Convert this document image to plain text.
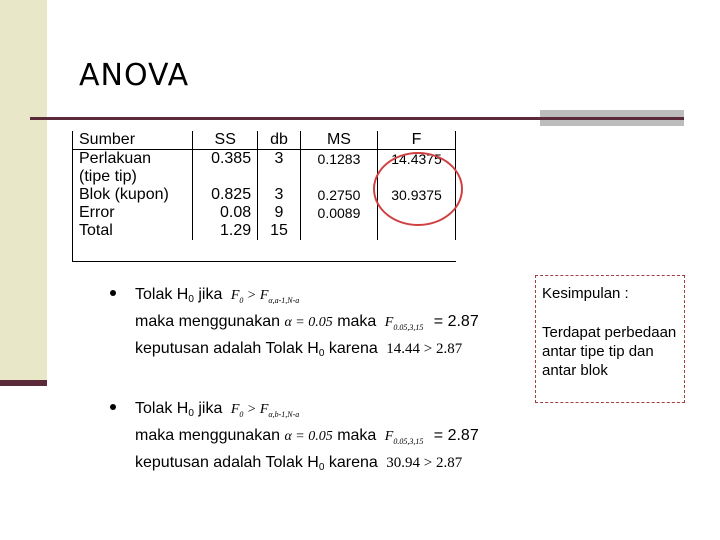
ANOVA
Sumber	SS	db	MS	F

Perlakuan
(tipe tip)	0.385	3	0.1283	14.4375
Blok (kupon)	0.825	3	0.2750	30.9375
Error	0.08	9	0.0089	
Total	1.29	15		
Tolak $H_0$ jika $F_0 > F_{\alpha,a-1,N-a}$
maka menggunakan α = 0.05 maka $F_{0.05,3,15} = 2.87$
keputusan adalah Tolak $H_0$ karena 14.44 > 2.87
Tolak $H_0$ jika $F_0 > F_{\alpha,b-1,N-a}$
maka menggunakan α = 0.05 maka $F_{0.05,3,15} = 2.87$
keputusan adalah Tolak $H_0$ karena 30.94 > 2.87
Kesimpulan :
Terdapat perbedaan antar tipe tip dan antar blok
